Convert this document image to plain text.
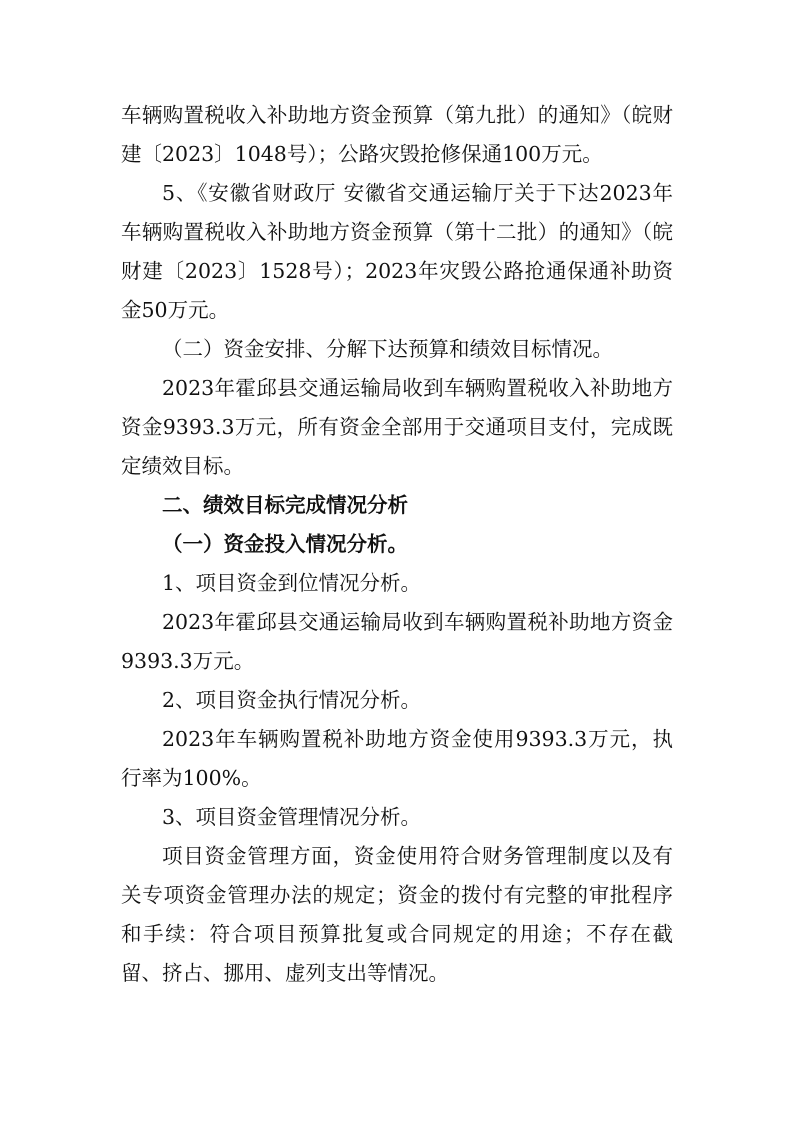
车辆购置税收入补助地方资金预算（第九批）的通知》（皖财建〔2023〕1048号）；公路灾毁抢修保通100万元。

5、《安徽省财政厅 安徽省交通运输厅关于下达2023年车辆购置税收入补助地方资金预算（第十二批）的通知》（皖财建〔2023〕1528号）；2023年灾毁公路抢通保通补助资金50万元。

（二）资金安排、分解下达预算和绩效目标情况。

2023年霍邱县交通运输局收到车辆购置税收入补助地方资金9393.3万元，所有资金全部用于交通项目支付，完成既定绩效目标。

二、绩效目标完成情况分析

（一）资金投入情况分析。

1、项目资金到位情况分析。

2023年霍邱县交通运输局收到车辆购置税补助地方资金9393.3万元。

2、项目资金执行情况分析。

2023年车辆购置税补助地方资金使用9393.3万元，执行率为100%。

3、项目资金管理情况分析。

项目资金管理方面，资金使用符合财务管理制度以及有关专项资金管理办法的规定；资金的拨付有完整的审批程序和手续：符合项目预算批复或合同规定的用途；不存在截留、挤占、挪用、虚列支出等情况。
